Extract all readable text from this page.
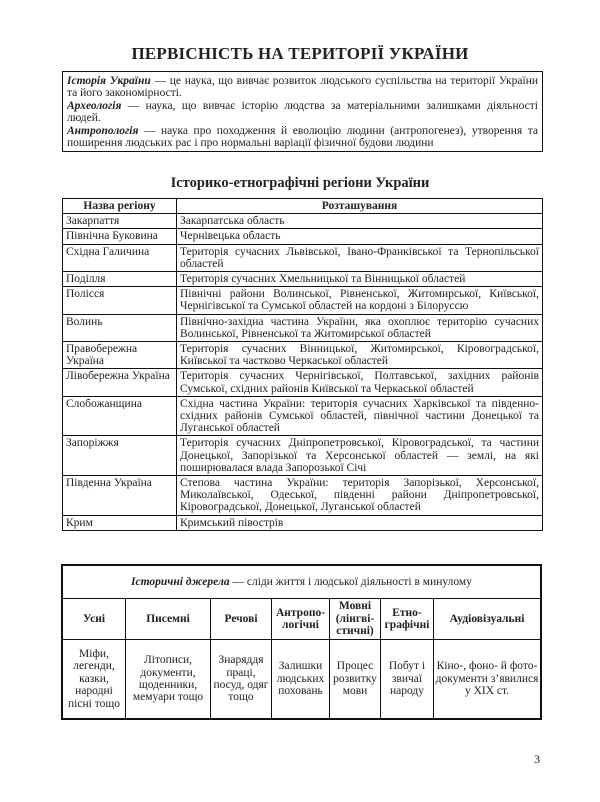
ПЕРВІСНІСТЬ НА ТЕРИТОРІЇ УКРАЇНИ

Історія України — це наука, що вивчає розвиток людського суспільства на території України та його закономірності.

Археологія — наука, що вивчає історію людства за матеріальними залишками діяльності людей.

Антропологія — наука про походження й еволюцію людини (антропогенез), утворення та поширення людських рас і про нормальні варіації фізичної будови людини

Історико-етнографічні регіони України
Назва регіону	Розташування
Закарпаття	Закарпатська область
Північна Буковина	Чернівецька область
Східна Галичина	Територія сучасних Львівської, Івано-Франківської та Тернопільської областей
Поділля	Територія сучасних Хмельницької та Вінницької областей
Полісся	Північні райони Волинської, Рівненської, Житомирської, Київської, Чернігівської та Сумської областей на кордоні з Білоруссю
Волинь	Північно-західна частина України, яка охоплює територію сучасних Волинської, Рівненської та Житомирської областей
Правобережна Україна	Територія сучасних Вінницької, Житомирської, Кіровоградської, Київської та частково Черкаської областей
Лівобережна Україна	Територія сучасних Чернігівської, Полтавської, західних районів Сумської, східних районів Київської та Черкаської областей
Слобожанщина	Східна частина України: територія сучасних Харківської та південно-східних районів Сумської областей, північної частини Донецької та Луганської областей
Запоріжжя	Територія сучасних Дніпропетровської, Кіровоградської, та частини Донецької, Запорізької та Херсонської областей — землі, на які поширювалася влада Запорозької Січі
Південна Україна	Степова частина України: територія Запорізької, Херсонської, Миколаївської, Одеської, південні райони Дніпропетровської, Кіровоградської, Донецької, Луганської областей
Крим	Кримський півострів
Історичні джерела — сліди життя і людської діяльності в минулому						
Усні	Писемні	Речові	Антропо-логічні	Мовні (лінгві-стичні)	Етно-графічні	Аудіовізуальні
Міфи, легенди, казки, народні пісні тощо	Літописи, документи, щоденники, мемуари тощо	Знаряддя праці, посуд, одяг тощо	Залишки людських поховань	Процес розвитку мови	Побут і звичаї народу	Кіно-, фоно- й фото-документи з’явилися у XIX ст.
3
